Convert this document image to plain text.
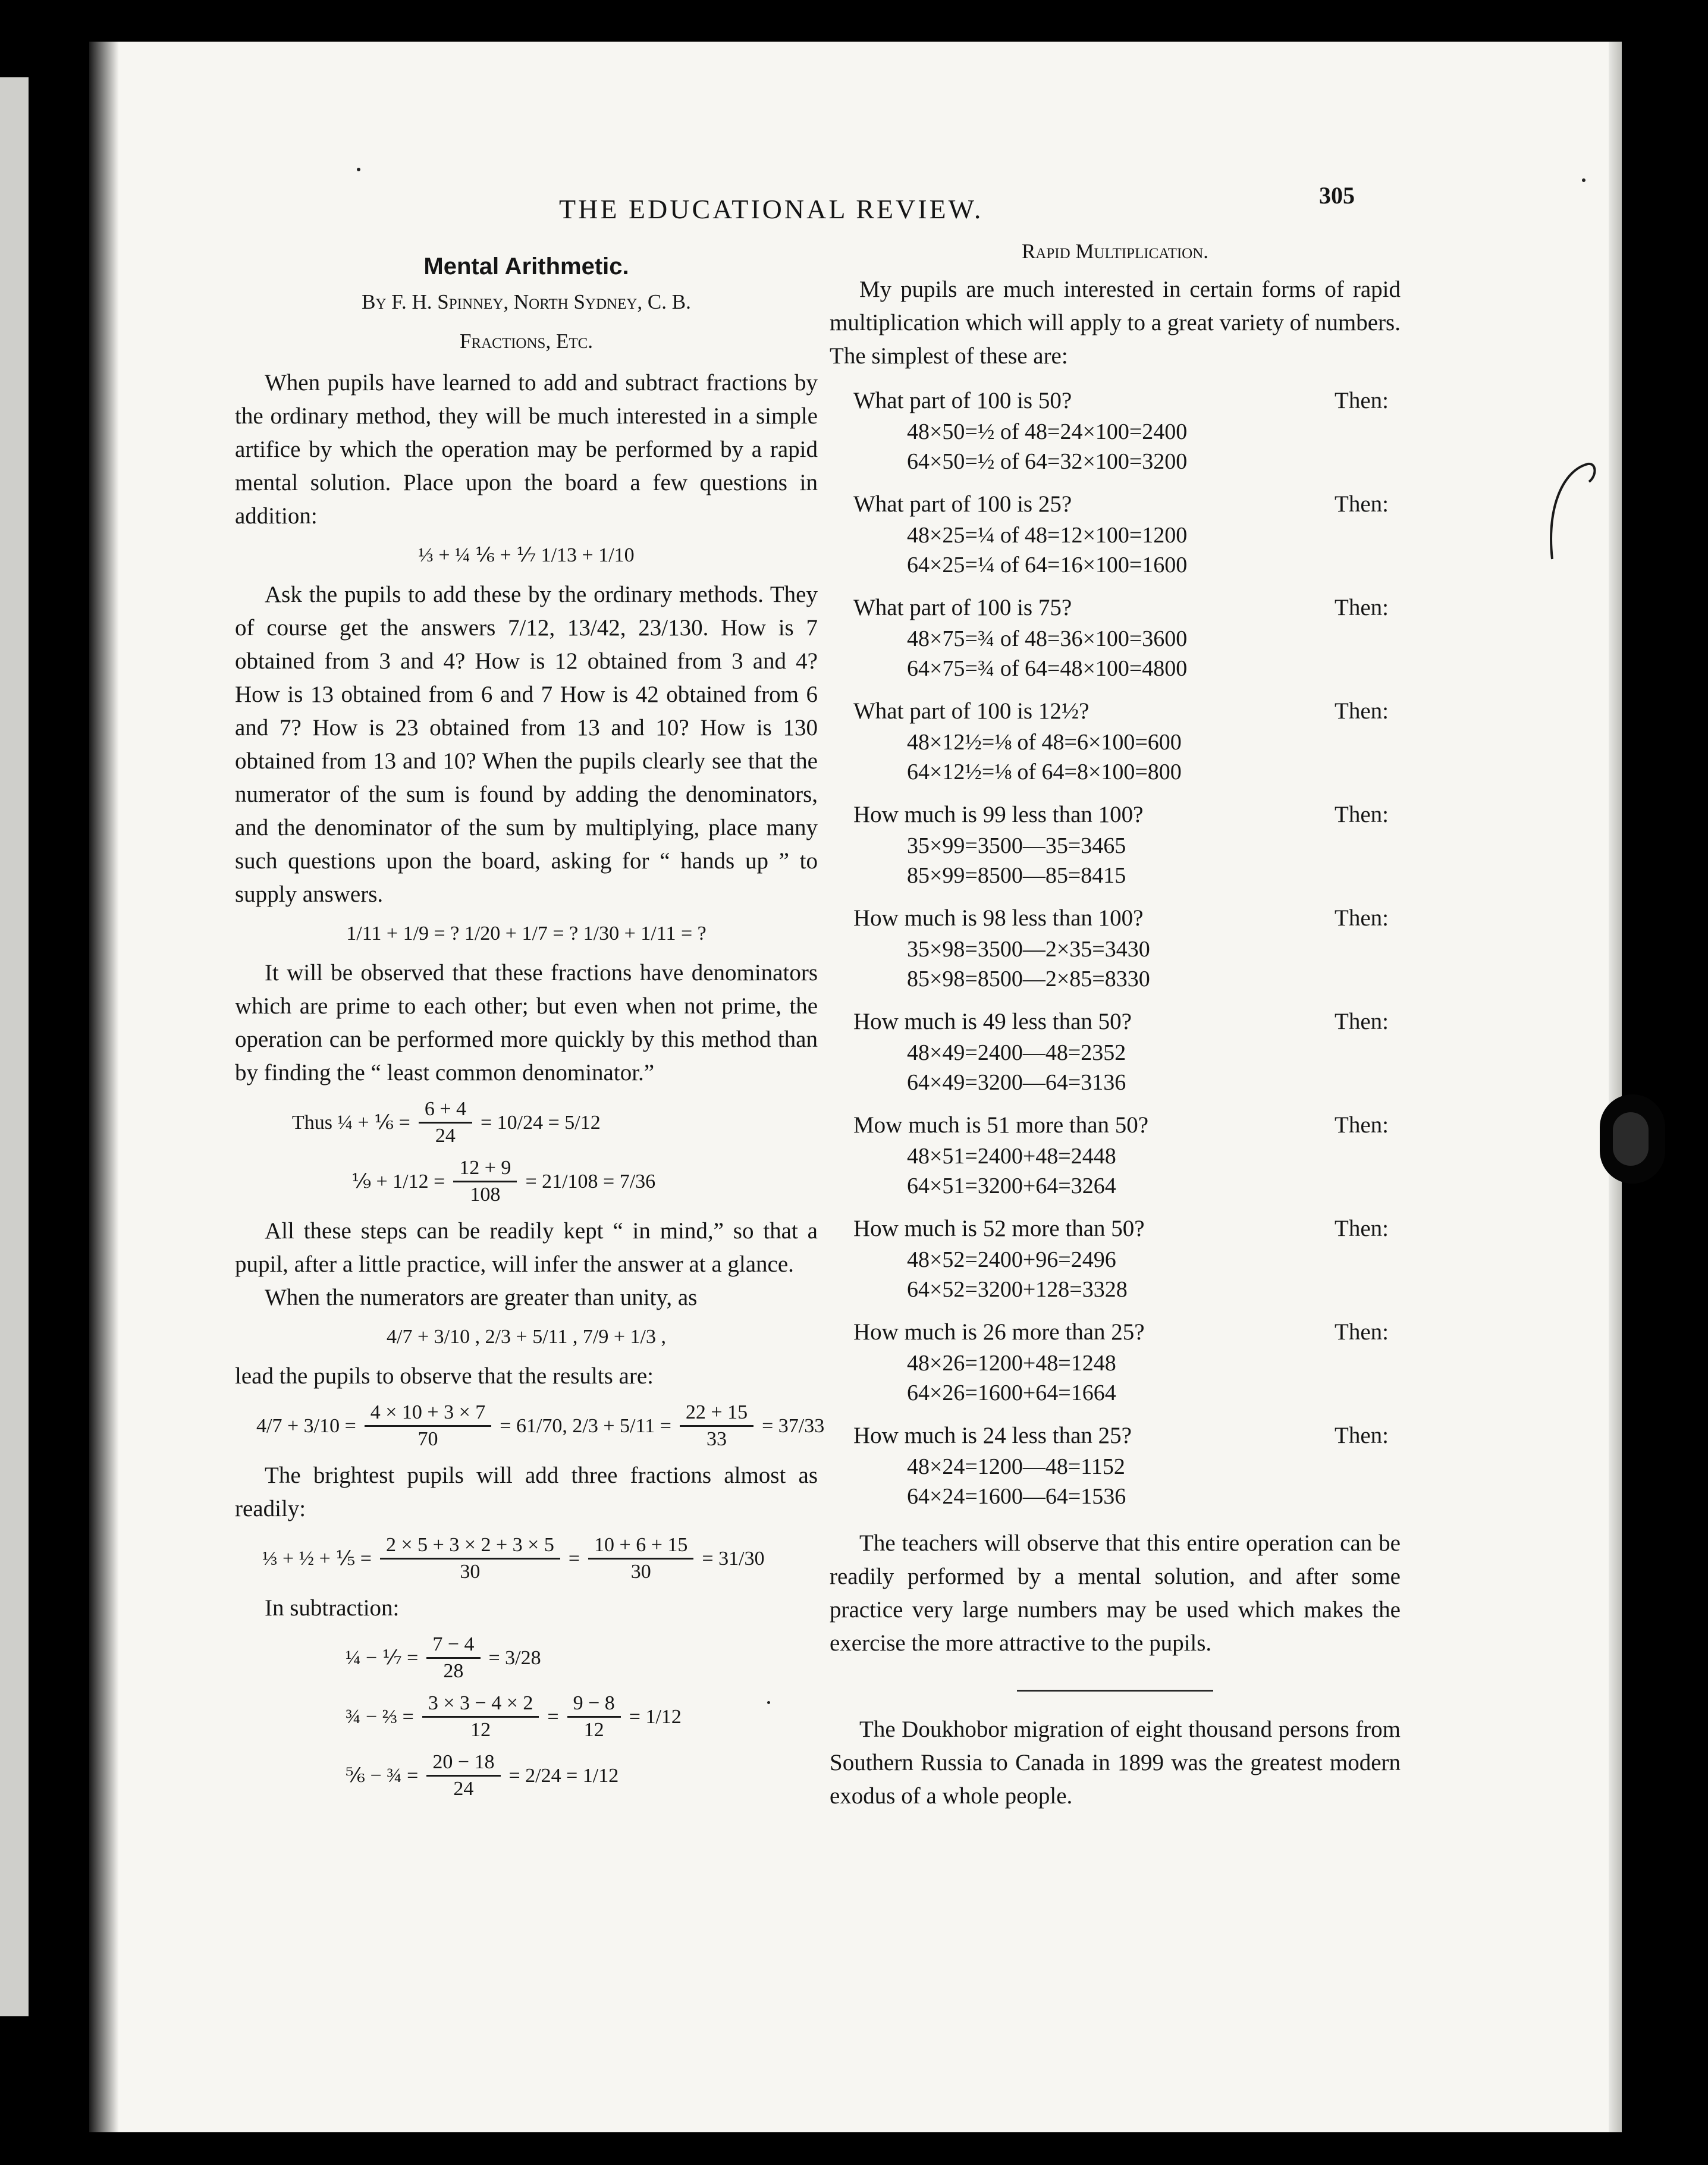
THE EDUCATIONAL REVIEW.	305
Mental Arithmetic.
By F. H. Spinney, North Sydney, C. B.
Fractions, Etc.

When pupils have learned to add and subtract fractions by the ordinary method, they will be much interested in a simple artifice by which the operation may be performed by a rapid mental solution. Place upon the board a few questions in addition:

⅓ + ¼ ⅙ + ⅐ 1/13 + 1/10

Ask the pupils to add these by the ordinary methods. They of course get the answers 7/12, 13/42, 23/130. How is 7 obtained from 3 and 4? How is 12 obtained from 3 and 4? How is 13 obtained from 6 and 7 How is 42 obtained from 6 and 7? How is 23 obtained from 13 and 10? How is 130 obtained from 13 and 10? When the pupils clearly see that the numerator of the sum is found by adding the denominators, and the denominator of the sum by multiplying, place many such questions upon the board, asking for “ hands up ” to supply answers.

1/11 + 1/9 = ? 1/20 + 1/7 = ? 1/30 + 1/11 = ?

It will be observed that these fractions have denominators which are prime to each other; but even when not prime, the operation can be performed more quickly by this method than by finding the “ least common denominator.”

Thus ¼ + ⅙ = $\frac{6 + 4}{24} = 10/24 = 5/12$
⅑ + $1/12 = \frac{12 + 9}{108} = 21/108 = 7/36$

All these steps can be readily kept “ in mind,” so that a pupil, after a little practice, will infer the answer at a glance.

When the numerators are greater than unity, as

4/7 + 3/10 , 2/3 + 5/11 , 7/9 + 1/3 ,

lead the pupils to observe that the results are:

$4/7 + 3/10 = \frac{4 \times 10 + 3 \times 7}{70} = 61/70$, $2/3 + 5/11 = \frac{22 + 15}{33} = 37/33$

The brightest pupils will add three fractions almost as readily:

⅓ + ½ + ⅕ = $\frac{2 \times 5 + 3 \times 2 + 3 \times 5}{30} = \frac{10 + 6 + 15}{30} = 31/30$

In subtraction:

¼ − ⅐ = $\frac{7 - 4}{28} = 3/28$
¾ − ⅔ = $\frac{3 \times 3 - 4 \times 2}{12} = \frac{9 - 8}{12} = 1/12$
⅚ − ¾ = $\frac{20 - 18}{24} = 2/24 = 1/12$
Rapid Multiplication.

My pupils are much interested in certain forms of rapid multiplication which will apply to a great variety of numbers. The simplest of these are:

What part of 100 is 50?	Then:
48×50=½ of 48=24×100=2400
64×50=½ of 64=32×100=3200
What part of 100 is 25?	Then:
48×25=¼ of 48=12×100=1200
64×25=¼ of 64=16×100=1600
What part of 100 is 75?	Then:
48×75=¾ of 48=36×100=3600
64×75=¾ of 64=48×100=4800
What part of 100 is 12½?	Then:
48×12½=⅛ of 48=6×100=600
64×12½=⅛ of 64=8×100=800
How much is 99 less than 100?	Then:
35×99=3500—35=3465
85×99=8500—85=8415
How much is 98 less than 100?	Then:
35×98=3500—2×35=3430
85×98=8500—2×85=8330
How much is 49 less than 50?	Then:
48×49=2400—48=2352
64×49=3200—64=3136
Mow much is 51 more than 50?	Then:
48×51=2400+48=2448
64×51=3200+64=3264
How much is 52 more than 50?	Then:
48×52=2400+96=2496
64×52=3200+128=3328
How much is 26 more than 25?	Then:
48×26=1200+48=1248
64×26=1600+64=1664
How much is 24 less than 25?	Then:
48×24=1200—48=1152
64×24=1600—64=1536

The teachers will observe that this entire operation can be readily performed by a mental solution, and after some practice very large numbers may be used which makes the exercise the more attractive to the pupils.

The Doukhobor migration of eight thousand persons from Southern Russia to Canada in 1899 was the greatest modern exodus of a whole people.
